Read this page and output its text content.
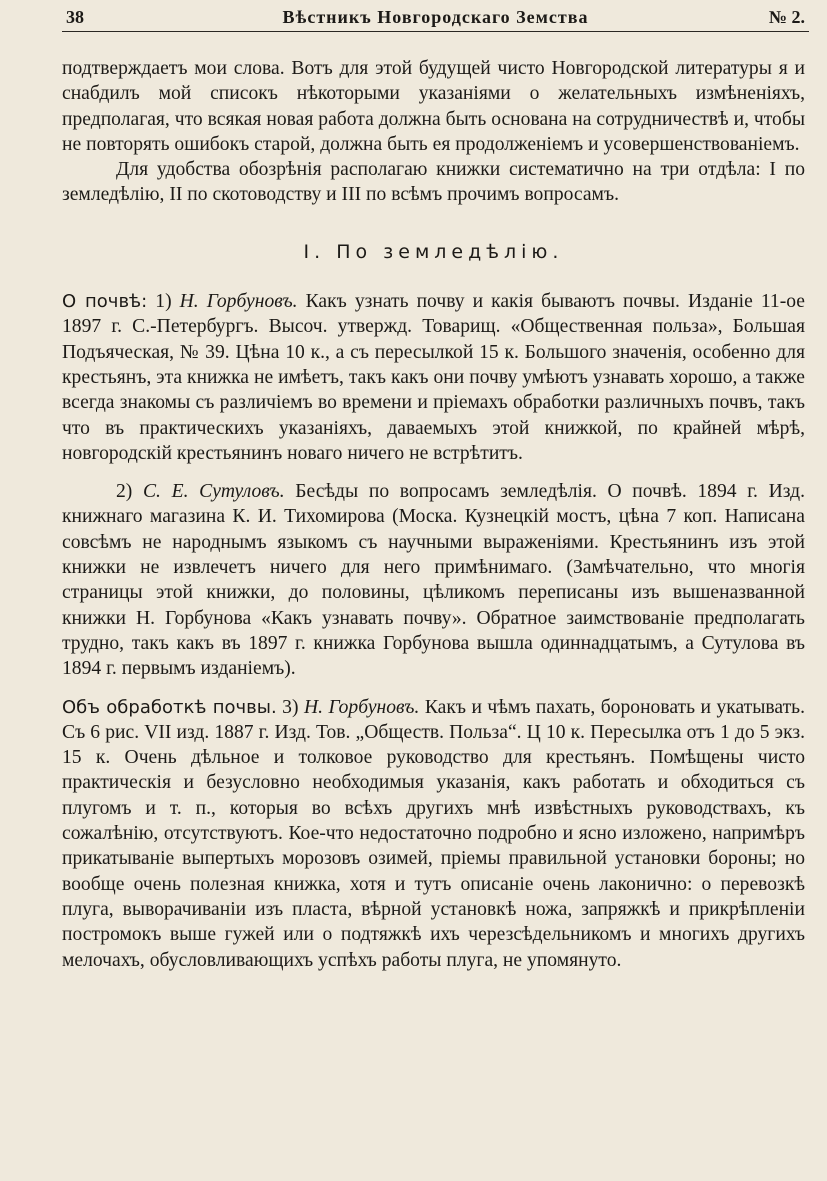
38	Вѣстникъ Новгородскаго Земства	№ 2.

подтверждаетъ мои слова. Вотъ для этой будущей чисто Новгородской литературы я и снабдилъ мой списокъ нѣкоторыми указаніями о желательныхъ измѣненіяхъ, предполагая, что всякая новая работа должна быть основана на сотрудничествѣ и, чтобы не повторять ошибокъ старой, должна быть ея продолженіемъ и усовершенствованіемъ.

Для удобства обозрѣнія располагаю книжки систематично на три отдѣла: I по земледѣлію, II по скотоводству и III по всѣмъ прочимъ вопросамъ.

I. По земледѣлію.

О почвѣ: 1) Н. Горбуновъ. Какъ узнать почву и какія бываютъ почвы. Изданіе 11-ое 1897 г. С.-Петербургъ. Высоч. утвержд. Товарищ. «Общественная польза», Большая Подъяческая, № 39. Цѣна 10 к., а съ пересылкой 15 к. Большого значенія, особенно для крестьянъ, эта книжка не имѣетъ, такъ какъ они почву умѣютъ узнавать хорошо, а также всегда знакомы съ различіемъ во времени и пріемахъ обработки различныхъ почвъ, такъ что въ практическихъ указаніяхъ, даваемыхъ этой книжкой, по крайней мѣрѣ, новгородскій крестьянинъ новаго ничего не встрѣтитъ.

2) С. Е. Сутуловъ. Бесѣды по вопросамъ земледѣлія. О почвѣ. 1894 г. Изд. книжнаго магазина К. И. Тихомирова (Моска. Кузнецкій мостъ, цѣна 7 коп. Написана совсѣмъ не народнымъ языкомъ съ научными выраженіями. Крестьянинъ изъ этой книжки не извлечетъ ничего для него примѣнимаго. (Замѣчательно, что многія страницы этой книжки, до половины, цѣликомъ переписаны изъ вышеназванной книжки Н. Горбунова «Какъ узнавать почву». Обратное заимствованіе предполагать трудно, такъ какъ въ 1897 г. книжка Горбунова вышла одиннадцатымъ, а Сутулова въ 1894 г. первымъ изданіемъ).

Объ обработкѣ почвы. 3) Н. Горбуновъ. Какъ и чѣмъ пахать, бороновать и укатывать. Съ 6 рис. VII изд. 1887 г. Изд. Тов. „Обществ. Польза“. Ц 10 к. Пересылка отъ 1 до 5 экз. 15 к. Очень дѣльное и толковое руководство для крестьянъ. Помѣщены чисто практическія и безусловно необходимыя указанія, какъ работать и обходиться съ плугомъ и т. п., которыя во всѣхъ другихъ мнѣ извѣстныхъ руководствахъ, къ сожалѣнію, отсутствуютъ. Кое-что недостаточно подробно и ясно изложено, напримѣръ прикатываніе выпертыхъ морозовъ озимей, пріемы правильной установки бороны; но вообще очень полезная книжка, хотя и тутъ описаніе очень лаконично: о перевозкѣ плуга, выворачиваніи изъ пласта, вѣрной установкѣ ножа, запряжкѣ и прикрѣпленіи постромокъ выше гужей или о подтяжкѣ ихъ черезсѣдельникомъ и многихъ другихъ мелочахъ, обусловливающихъ успѣхъ работы плуга, не упомянуто.
